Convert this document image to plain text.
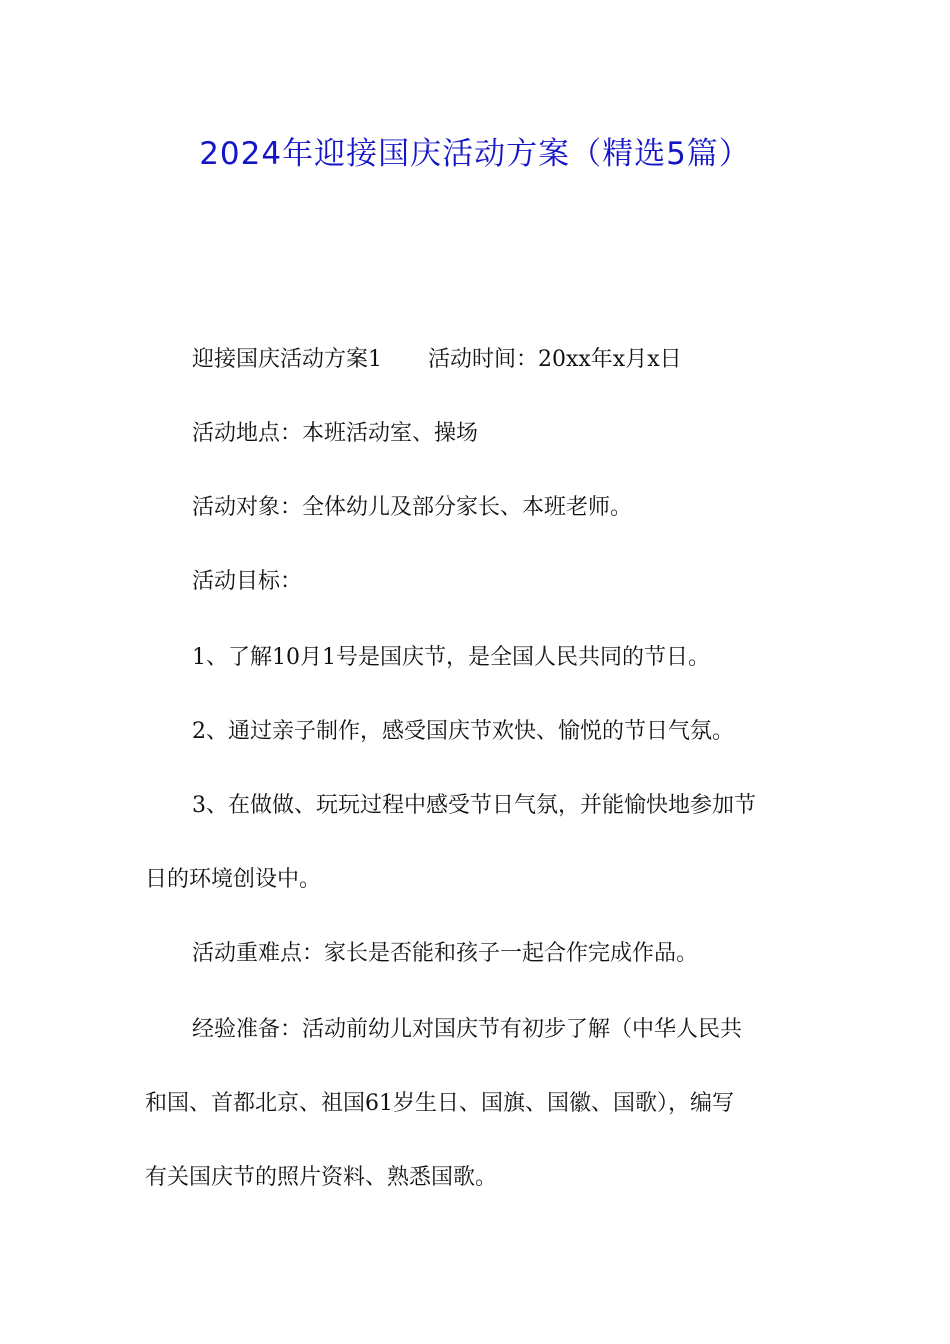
2024年迎接国庆活动方案（精选5篇）
迎接国庆活动方案1 活动时间：20xx年x月x日
活动地点：本班活动室、操场
活动对象：全体幼儿及部分家长、本班老师。
活动目标：
1、了解10月1号是国庆节，是全国人民共同的节日。
2、通过亲子制作，感受国庆节欢快、愉悦的节日气氛。
3、在做做、玩玩过程中感受节日气氛，并能愉快地参加节
日的环境创设中。
活动重难点：家长是否能和孩子一起合作完成作品。
经验准备：活动前幼儿对国庆节有初步了解（中华人民共
和国、首都北京、祖国61岁生日、国旗、国徽、国歌），编写
有关国庆节的照片资料、熟悉国歌。
